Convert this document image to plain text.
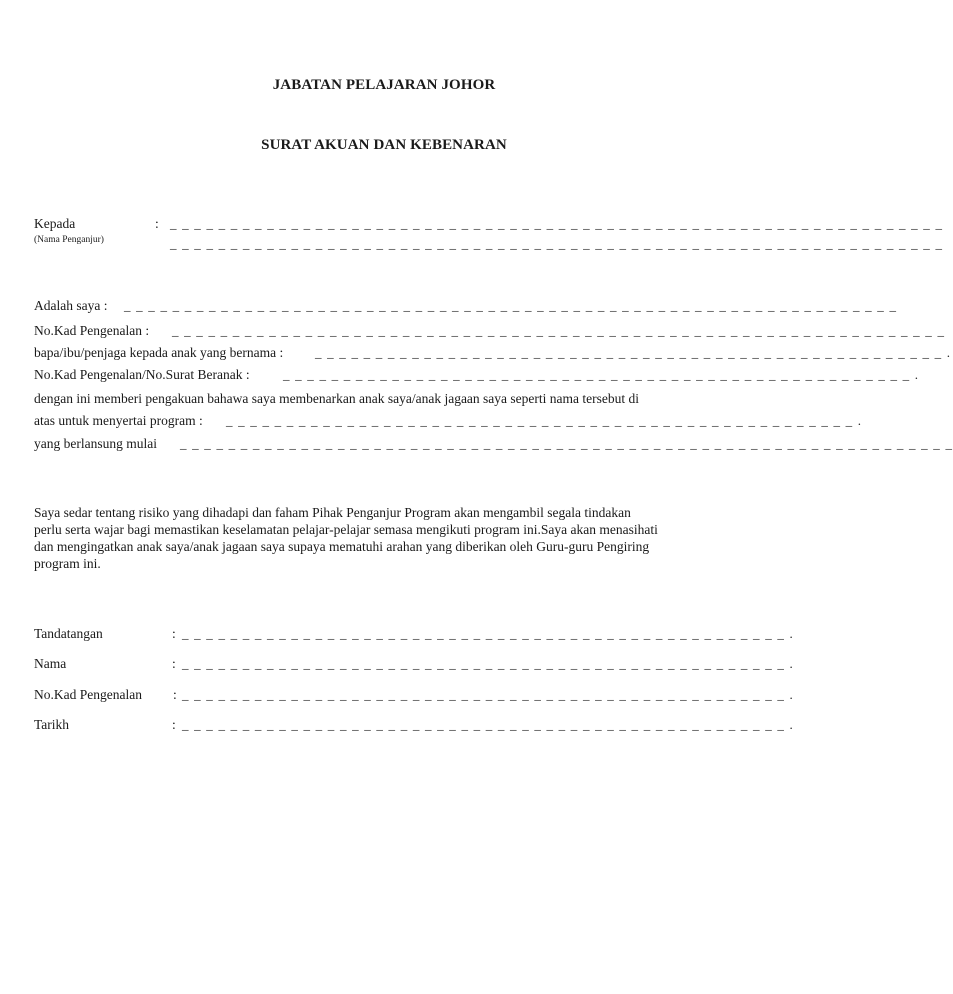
JABATAN PELAJARAN JOHOR
SURAT AKUAN DAN KEBENARAN
Kepada	: _ _ _ _ _ _ _ _ _ _ _ _ _ _ _ _ _ _ _ _ _ _ _ _ _ _ _ _ _ _ _ _ _ _ _ _ _ _ _ _ _ _ _ _ _ _ _ _ _ _ _ _ _ _ _ _ _ _ _ _ _ _ _ _
(Nama Penganjur)	_ _ _ _ _ _ _ _ _ _ _ _ _ _ _ _ _ _ _ _ _ _ _ _ _ _ _ _ _ _ _ _ _ _ _ _ _ _ _ _ _ _ _ _ _ _ _ _ _ _ _ _ _ _ _ _ _ _ _ _ _ _ _ _
Adalah saya : _ _ _ _ _ _ _ _ _ _ _ _ _ _ _ _ _ _ _ _ _ _ _ _ _ _ _ _ _ _ _ _ _ _ _ _ _ _ _ _ _ _ _ _ _ _ _ _ _ _ _ _ _ _ _ _ _ _ _ _ _ _ _ _
No.Kad Pengenalan : _ _ _ _ _ _ _ _ _ _ _ _ _ _ _ _ _ _ _ _ _ _ _ _ _ _ _ _ _ _ _ _ _ _ _ _ _ _ _ _ _ _ _ _ _ _ _ _ _ _ _ _ _ _ _ _ _ _ _ _ _ _ _ _
bapa/ibu/penjaga kepada anak yang bernama : _ _ _ _ _ _ _ _ _ _ _ _ _ _ _ _ _ _ _ _ _ _ _ _ _ _ _ _ _ _ _ _ _ _ _ _ _ _ _ _ _ _ _ _ _ _ _ _ _ _ _ _ .
No.Kad Pengenalan/No.Surat Beranak :	_ _ _ _ _ _ _ _ _ _ _ _ _ _ _ _ _ _ _ _ _ _ _ _ _ _ _ _ _ _ _ _ _ _ _ _ _ _ _ _ _ _ _ _ _ _ _ _ _ _ _ _ .
dengan ini memberi pengakuan bahawa saya membenarkan anak saya/anak jagaan saya seperti nama tersebut di
atas untuk menyertai program : _ _ _ _ _ _ _ _ _ _ _ _ _ _ _ _ _ _ _ _ _ _ _ _ _ _ _ _ _ _ _ _ _ _ _ _ _ _ _ _ _ _ _ _ _ _ _ _ _ _ _ _ .
yang berlansung mulai _ _ _ _ _ _ _ _ _ _ _ _ _ _ _ _ _ _ _ _ _ _ _ _ _ _ _ _ _ _ _ _ _ _ _ _ _ _ _ _ _ _ _ _ _ _ _ _ _ _ _ _ _ _ _ _ _ _ _ _ _ _ _ _

Saya sedar tentang risiko yang dihadapi dan faham Pihak Penganjur Program akan mengambil segala tindakan

perlu serta wajar bagi memastikan keselamatan pelajar-pelajar semasa mengikuti program ini.Saya akan menasihati

dan mengingatkan anak saya/anak jagaan saya supaya mematuhi arahan yang diberikan oleh Guru-guru Pengiring

program ini.

Tandatangan	: _ _ _ _ _ _ _ _ _ _ _ _ _ _ _ _ _ _ _ _ _ _ _ _ _ _ _ _ _ _ _ _ _ _ _ _ _ _ _ _ _ _ _ _ _ _ _ _ _ _ .
Nama	: _ _ _ _ _ _ _ _ _ _ _ _ _ _ _ _ _ _ _ _ _ _ _ _ _ _ _ _ _ _ _ _ _ _ _ _ _ _ _ _ _ _ _ _ _ _ _ _ _ _ .
No.Kad Pengenalan : _ _ _ _ _ _ _ _ _ _ _ _ _ _ _ _ _ _ _ _ _ _ _ _ _ _ _ _ _ _ _ _ _ _ _ _ _ _ _ _ _ _ _ _ _ _ _ _ _ _ .
Tarikh	: _ _ _ _ _ _ _ _ _ _ _ _ _ _ _ _ _ _ _ _ _ _ _ _ _ _ _ _ _ _ _ _ _ _ _ _ _ _ _ _ _ _ _ _ _ _ _ _ _ _ .
